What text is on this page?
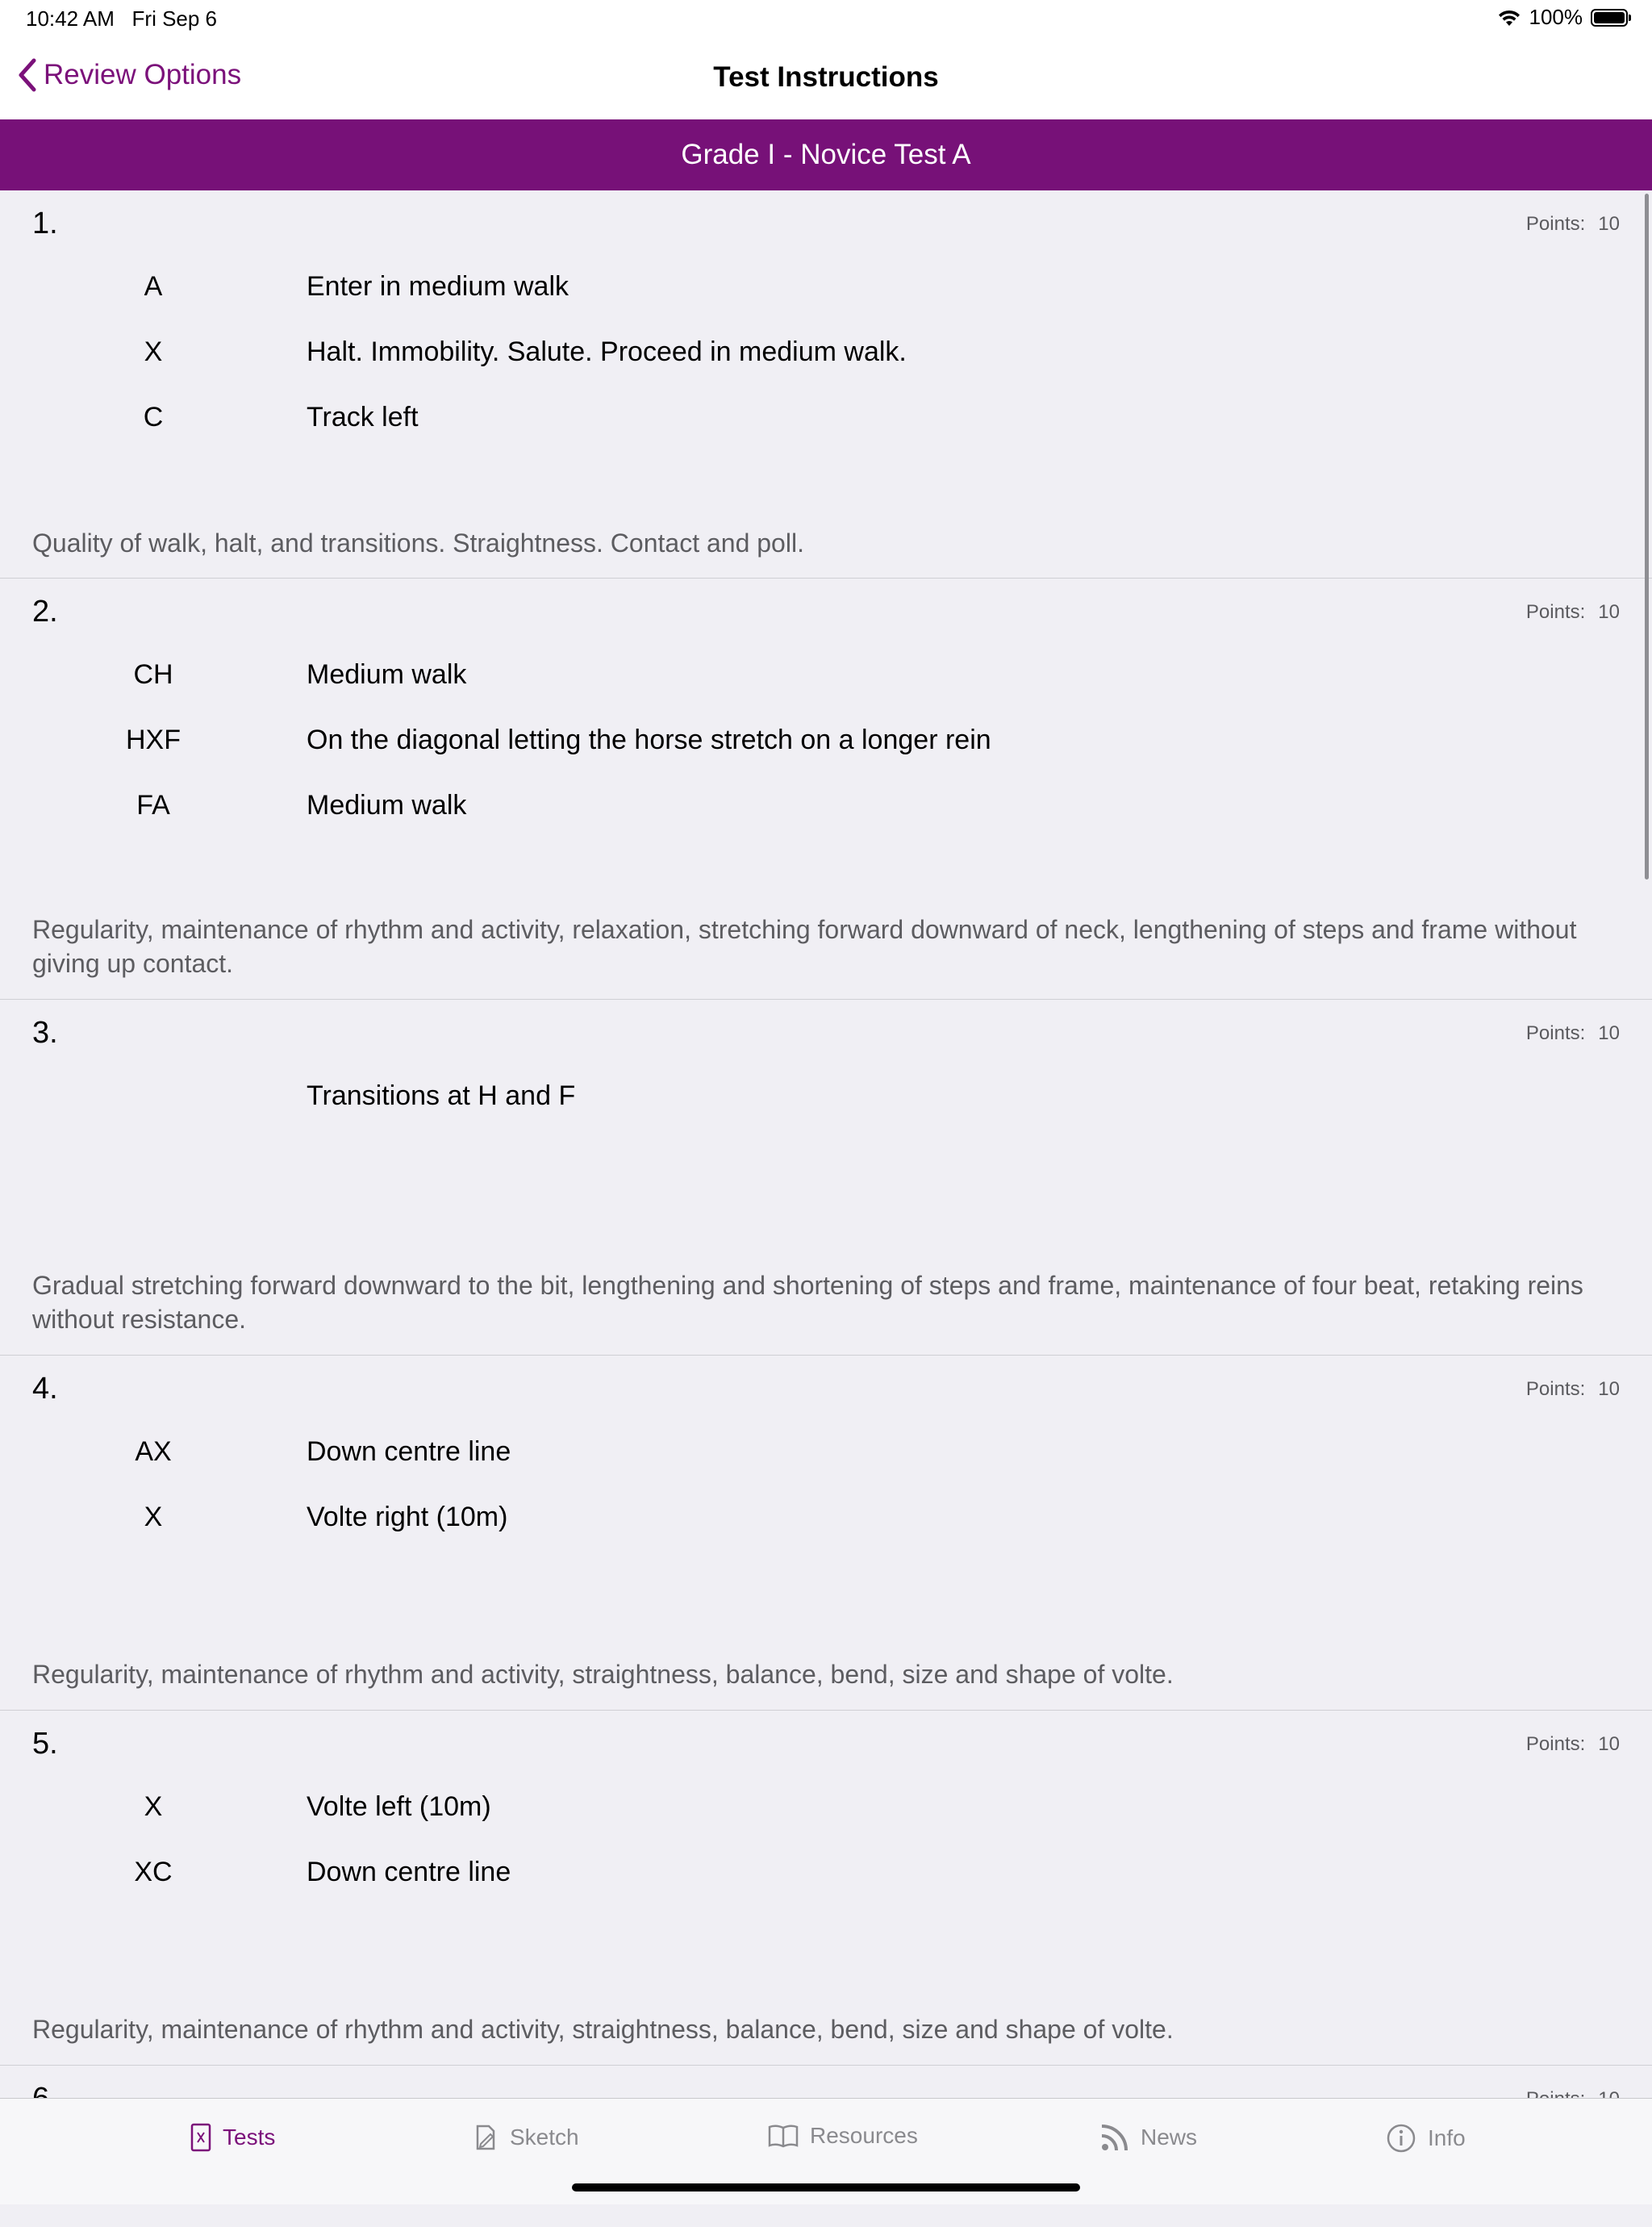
10:42 AM Fri Sep 6	100%
Review Options	Test Instructions
Grade I - Novice Test A
1.	Points: 10
A	Enter in medium walk
X	Halt. Immobility. Salute. Proceed in medium walk.
C	Track left
Quality of walk, halt, and transitions. Straightness. Contact and poll.
2.	Points: 10
CH	Medium walk
HXF	On the diagonal letting the horse stretch on a longer rein
FA	Medium walk
Regularity, maintenance of rhythm and activity, relaxation, stretching forward downward of neck, lengthening of steps and frame without giving up contact.
3.	Points: 10
Transitions at H and F
Gradual stretching forward downward to the bit, lengthening and shortening of steps and frame, maintenance of four beat, retaking reins without resistance.
4.	Points: 10
AX	Down centre line
X	Volte right (10m)
Regularity, maintenance of rhythm and activity, straightness, balance, bend, size and shape of volte.
5.	Points: 10
X	Volte left (10m)
XC	Down centre line
Regularity, maintenance of rhythm and activity, straightness, balance, bend, size and shape of volte.
Tests	Sketch	Resources	News	Info
